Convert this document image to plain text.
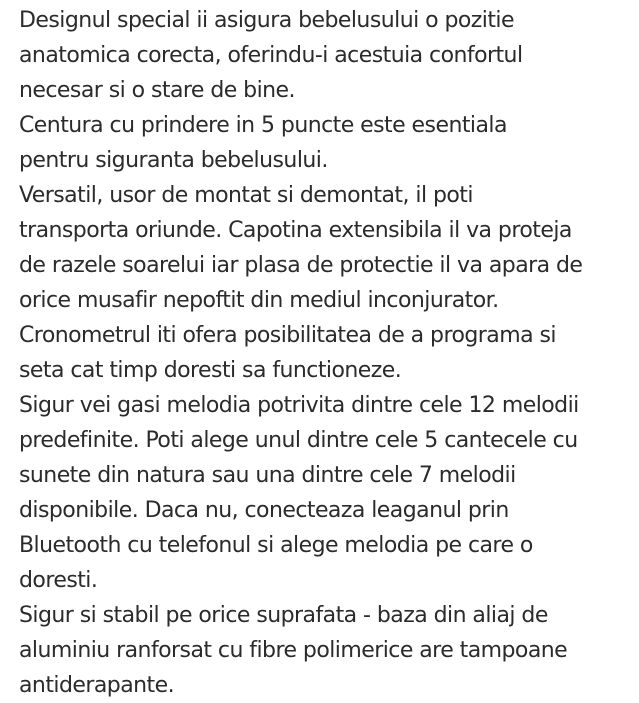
Designul special ii asigura bebelusului o pozitie
anatomica corecta, oferindu-i acestuia confortul
necesar si o stare de bine.
Centura cu prindere in 5 puncte este esentiala
pentru siguranta bebelusului.
Versatil, usor de montat si demontat, il poti
transporta oriunde. Capotina extensibila il va proteja
de razele soarelui iar plasa de protectie il va apara de
orice musafir nepoftit din mediul inconjurator.
Cronometrul iti ofera posibilitatea de a programa si
seta cat timp doresti sa functioneze.
Sigur vei gasi melodia potrivita dintre cele 12 melodii
predefinite. Poti alege unul dintre cele 5 cantecele cu
sunete din natura sau una dintre cele 7 melodii
disponibile. Daca nu, conecteaza leaganul prin
Bluetooth cu telefonul si alege melodia pe care o
doresti.
Sigur si stabil pe orice suprafata - baza din aliaj de
aluminiu ranforsat cu fibre polimerice are tampoane
antiderapante.
